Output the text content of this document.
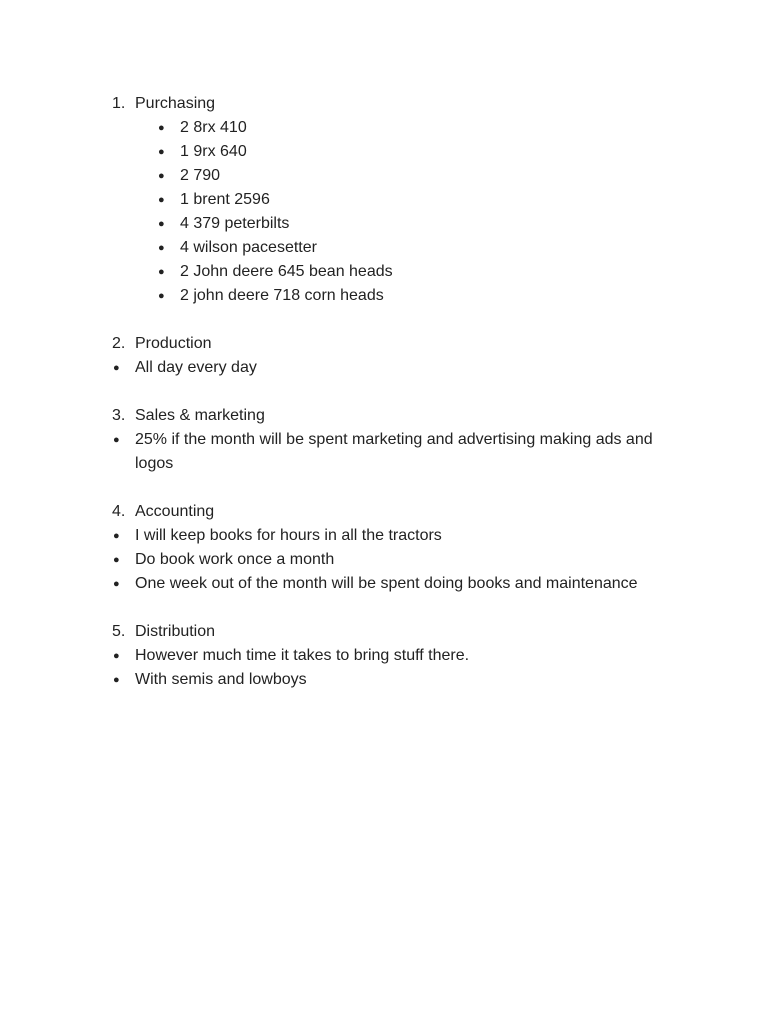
1. Purchasing
● 2 8rx 410
● 1 9rx 640
● 2 790
● 1 brent 2596
● 4 379 peterbilts
● 4 wilson pacesetter
● 2 John deere 645 bean heads
● 2 john deere 718 corn heads
2. Production
● All day every day
3. Sales & marketing
● 25% if the month will be spent marketing and advertising making ads and logos
4. Accounting
● I will keep books for hours in all the tractors
● Do book work once a month
● One week out of the month will be spent doing books and maintenance
5. Distribution
● However much time it takes to bring stuff there.
● With semis and lowboys
